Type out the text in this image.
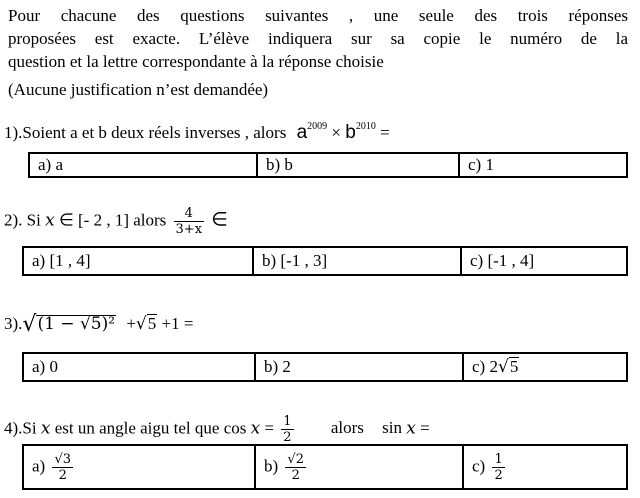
Pour chacune des questions suivantes , une seule des trois réponses
proposées est exacte. L’élève indiquera sur sa copie le numéro de la
question et la lettre correspondante à la réponse choisie
(Aucune justification n’est demandée)
1).Soient a et b deux réels inverses , alors $a^{2009} \times b^{2010}$ =
a) a	b) b	c) 1
2). Si x ∈ [- 2 , 1] alors $\frac{4}{3+x}$ ∈
a) [1 , 4]	b) [-1 , 3]	c) [-1 , 4]
3).√(1 − √5)² +√5 +1 =
a) 0	b) 2	c) 2√5
4).Si x est un angle aigu tel que $\cos x = \frac{1}{2}$ alors sin x =
$a) \frac{√3}{2}$	$b) \frac{√2}{2}$	$c) \frac{1}{2}$
